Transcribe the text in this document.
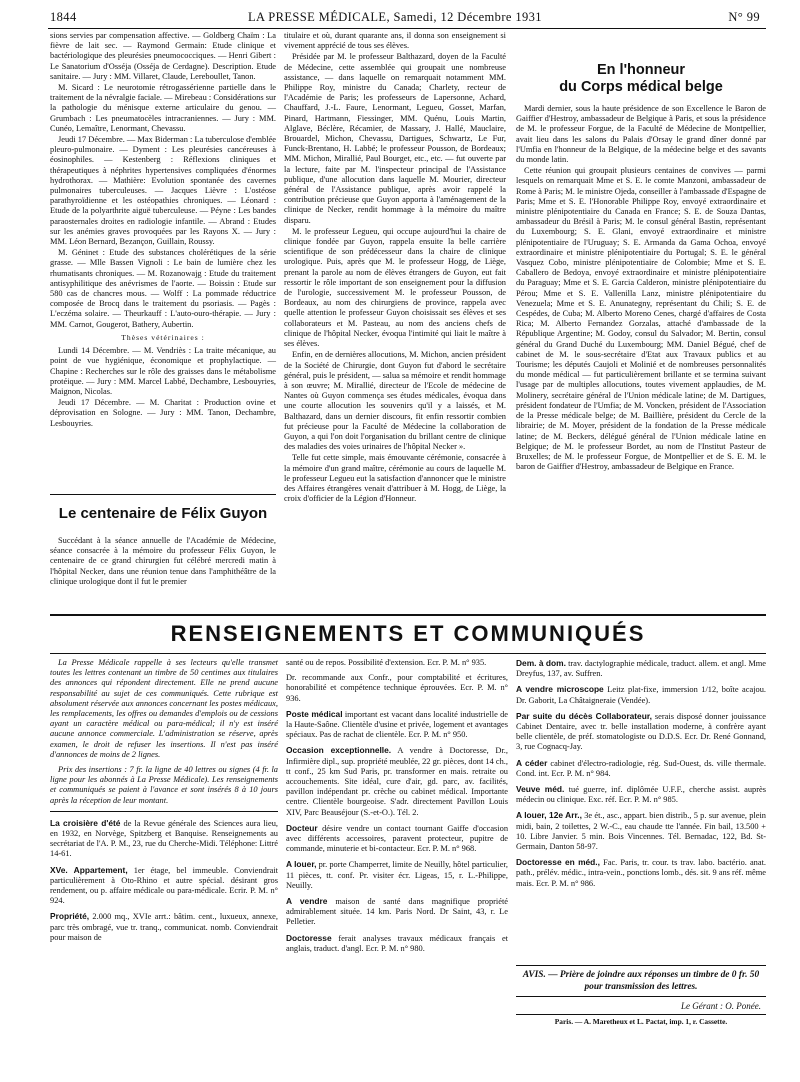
1844	LA PRESSE MÉDICALE, Samedi, 12 Décembre 1931	N° 99

sions servies par compensation affective. — Goldberg Chaïm : La fièvre de lait sec. — Raymond Germain: Etude clinique et bactériologique des pleurésies pneumococciques. — Henri Gibert : Le Sanatorium d'Osséja (Osséja de Cerdagne). Description. Etude sanitaire. — Jury : MM. Villaret, Claude, Lereboullet, Tanon.

M. Sicard : Le neurotomie rétrogassérienne partielle dans le traitement de la névralgie faciale. — Mirebeau : Considérations sur la pathologie du ménisque externe articulaire du genou. — Grumbach : Les pneumatocèles intracraniennes. — Jury : MM. Cunéo, Lemaître, Lenormant, Chevassu.

Jeudi 17 Décembre. — Max Biderman : La tuberculose d'emblée pleuro-pulmonaire. — Dyment : Les pleurésies cancéreuses à éosinophiles. — Kestenberg : Réflexions cliniques et thérapeutiques à néphrites hypertensives compliquées d'énormes hydrothorax. — Mathière: Evolution spontanée des cavernes pulmonaires tuberculeuses. — Jacques Lièvre : L'ostéose parathyroïdienne et les ostéopathies chroniques. — Léonard : Etude de la polyarthrite aiguë tuberculeuse. — Péyne : Les bandes paraosternales droites en radiologie infantile. — Abrand : Etudes sur les anémies graves provoquées par les Rayons X. — Jury : MM. Léon Bernard, Bezançon, Guillain, Roussy.

M. Géninet : Etude des substances cholérétiques de la série grasse. — Mlle Bassen Vignoli : Le bain de lumière chez les rhumatisants chroniques. — M. Rozanowajg : Etude du traitement antisyphilitique des anévrismes de l'aorte. — Boissin : Etude sur 580 cas de chancres mous. — Wolff : La pommade réductrice composée de Brocq dans le traitement du psoriasis. — Pagès : L'eczéma solaire. — Theurkauff : L'auto-ouro-thérapie. — Jury : MM. Carnot, Gougerot, Bathery, Aubertin.

Thèses vétérinaires :

Lundi 14 Décembre. — M. Vendriès : La traite mécanique, au point de vue hygiénique, économique et prophylactique. — Chapine : Recherches sur le rôle des graisses dans le métabolisme protéique. — Jury : MM. Marcel Labbé, Dechambre, Lesbouyries, Maignon, Nicolas.

Jeudi 17 Décembre. — M. Charitat : Production ovine et déprovisation en Sologne. — Jury : MM. Tanon, Dechambre, Lesbouyries.

Le centenaire de Félix Guyon

Succédant à la séance annuelle de l'Académie de Médecine, séance consacrée à la mémoire du professeur Félix Guyon, le centenaire de ce grand chirurgien fut célébré mercredi matin à l'hôpital Necker, dans une réunion tenue dans l'amphithéâtre de la clinique urologique dont il fut le premier

titulaire et où, durant quarante ans, il donna son enseignement si vivement apprécié de tous ses élèves.

Présidée par M. le professeur Balthazard, doyen de la Faculté de Médecine, cette assemblée qui groupait une nombreuse assistance, — dans laquelle on remarquait notamment MM. Philippe Roy, ministre du Canada; Charlety, recteur de l'Académie de Paris; les professeurs de Lapersonne, Achard, Chauffard, J.-L. Faure, Lenormant, Legueu, Gosset, Marfan, Pinard, Hartmann, Fiessinger, MM. Quénu, Louis Martin, Alglave, Béclère, Récamier, de Massary, J. Hallé, Mauclaire, Brouardel, Michon, Chevassu, Dartigues, Schwartz, Le Fur, Funck-Brentano, H. Labbé; le professeur Pousson, de Bordeaux; MM. Michon, Mirallié, Paul Bourget, etc., etc. — fut ouverte par la lecture, faite par M. l'inspecteur principal de l'Assistance publique, d'une allocution dans laquelle M. Mourier, directeur général de l'Assistance publique, après avoir rappelé la contribution précieuse que Guyon apporta à l'aménagement de la clinique de Necker, rendit hommage à la mémoire du maître disparu.

M. le professeur Legueu, qui occupe aujourd'hui la chaire de clinique fondée par Guyon, rappela ensuite la belle carrière scientifique de son prédécesseur dans la chaire de clinique urologique. Puis, après que M. le professeur Hogg, de Liège, prenant la parole au nom de élèves étrangers de Guyon, eut fait ressortir le rôle important de son enseignement pour la diffusion de l'urologie, successivement M. le professeur Pousson, de Bordeaux, au nom des chirurgiens de province, rappela avec quelle attention le professeur Guyon choisissait ses élèves et ses collaborateurs et M. Pasteau, au nom des anciens chefs de clinique de l'hôpital Necker, évoqua l'intimité qui liait le maître à ses élèves.

Enfin, en de dernières allocutions, M. Michon, ancien président de la Société de Chirurgie, dont Guyon fut d'abord le secrétaire général, puis le président, — salua sa mémoire et rendit hommage à son œuvre; M. Mirallié, directeur de l'Ecole de médecine de Nantes où Guyon commença ses études médicales, évoqua dans une courte allocution les souvenirs qu'il y a laissés, et M. Balthazard, dans un dernier discours, fit enfin ressortir combien fut précieuse pour la Faculté de Médecine la collaboration de Guyon, a qui l'on doit l'organisation du brillant centre de clinique des maladies des voies urinaires de l'hôpital Necker ».

Telle fut cette simple, mais émouvante cérémonie, consacrée à la mémoire d'un grand maître, cérémonie au cours de laquelle M. le professeur Legueu eut la satisfaction d'annoncer que le ministre des Affaires étrangères venait d'attribuer à M. Hogg, de Liège, la croix d'officier de la Légion d'Honneur.

En l'honneur
du Corps médical belge

Mardi dernier, sous la haute présidence de son Excellence le Baron de Gaiffier d'Hestroy, ambassadeur de Belgique à Paris, et sous la présidence de M. le professeur Forgue, de la Faculté de Médecine de Montpellier, avait lieu dans les salons du Palais d'Orsay le grand dîner donné par l'Umfia en l'honneur de la Belgique, de la médecine belge et des savants du monde latin.

Cette réunion qui groupait plusieurs centaines de convives — parmi lesquels on remarquait Mme et S. E. le comte Manzoni, ambassadeur de Rome à Paris; M. le ministre Ojeda, conseiller à l'ambassade d'Espagne de Paris; Mme et S. E. l'Honorable Philippe Roy, envoyé extraordinaire et ministre plénipotentiaire du Canada en France; S. E. de Souza Dantas, ambassadeur du Brésil à Paris; M. le consul général Bastin, représentant du Luxembourg; S. E. Glani, envoyé extraordinaire et ministre plénipotentiaire de l'Uruguay; S. E. Armanda da Gama Ochoa, envoyé extraordinaire et ministre plénipotentiaire du Portugal; S. E. le général Vasquez Cobo, ministre plénipotentiaire de Colombie; Mme et S. E. Caballero de Bedoya, envoyé extraordinaire et ministre plénipotentiaire du Paraguay; Mme et S. E. Garcia Calderon, ministre plénipotentiaire du Pérou; Mme et S. E. Vallenilla Lanz, ministre plénipotentiaire du Venezuela; Mme et S. E. Anunategny, représentant du Chili; S. E. de Cespédes, de Cuba; M. Alberto Moreno Cenes, chargé d'affaires de Costa Rica; M. Alberto Fernandez Gorzalas, attaché d'ambassade de la République Argentine; M. Godoy, consul du Salvador; M. Bertin, consul général du Grand Duché du Luxembourg; MM. Daniel Bégué, chef de cabinet de M. le sous-secrétaire d'Etat aux Travaux publics et au Tourisme; les députés Caujoli et Molinié et de nombreuses personnalités du monde médical — fut particulièrement brillante et se termina suivant l'usage par de multiples allocutions, toutes vivement applaudies, de M. Molinery, secrétaire général de l'Union médicale latine; de M. Dartigues, président fondateur de l'Umfia; de M. Voncken, président de l'Association de la Presse médicale belge; de M. Baillière, président du Cercle de la librairie; de M. Moyer, président de la fondation de la Presse médicale latine; de M. Beckers, délégué général de l'Union médicale latine en Belgique; de M. le professeur Bordet, au nom de l'Institut Pasteur de Bruxelles; de M. le professeur Forgue, de Montpellier et de S. E. M. le baron de Gaiffier d'Hestroy, ambassadeur de Belgique en France.

RENSEIGNEMENTS ET COMMUNIQUÉS

La Presse Médicale rappelle à ses lecteurs qu'elle transmet toutes les lettres contenant un timbre de 50 centimes aux titulaires des annonces qui répondent directement. Elle ne prend aucune responsabilité au sujet de ces communiqués. Cette rubrique est absolument réservée aux annonces concernant les postes médicaux, les remplacements, les offres ou demandes d'emplois ou de cessions ayant un caractère médical ou para-médical; il n'y est inséré aucune annonce commerciale. L'administration se réserve, après examen, le droit de refuser les insertions. Il n'est pas inséré d'annonces de moins de 2 lignes.

Prix des insertions : 7 fr. la ligne de 40 lettres ou signes (4 fr. la ligne pour les abonnés à La Presse Médicale). Les renseignements et communiqués se paient à l'avance et sont insérés 8 à 10 jours après la réception de leur montant.

La croisière d'été de la Revue générale des Sciences aura lieu, en 1932, en Norvège, Spitzberg et Banquise. Renseignements au secrétariat de l'A. P. M., 23, rue du Cherche-Midi. Téléphone: Littré 14-61.

XVe. Appartement, 1er étage, bel immeuble. Conviendrait particulièrement à Oto-Rhino et autre spécial. désirant gros rendement, ou p. affaire médicale ou para-médicale. Ecrir. P. M. n° 924.

Propriété, 2.000 mq., XVIe arrt.: bâtim. cent., luxueux, annexe, parc très ombragé, vue tr. tranq., communicat. nomb. Conviendrait pour maison de

santé ou de repos. Possibilité d'extension. Ecr. P. M. n° 935.

Dr. recommande aux Confr., pour comptabilité et écritures, honorabilité et compétence technique éprouvées. Ecr. P. M. n° 936.

Poste médical important est vacant dans localité industrielle de la Haute-Saône. Clientèle d'usine et privée, logement et avantages spéciaux. Pas de rachat de clientèle. Ecr. P. M. n° 950.

Occasion exceptionnelle. A vendre à Doctoresse, Dr., Infirmière dipl., sup. propriété meublée, 22 gr. pièces, dont 14 ch., tt conf., 25 km Sud Paris, pr. transformer en mais. retraite ou accouchements. Site idéal, cure d'air, gd. parc, av. facilités, pavillon indépendant pr. crèche ou cabinet médical. Importante centre. Clientèle bourgeoise. S'adr. directement Pavillon Louis XIV, Parc Beauséjour (S.-et-O.). Tél. 2.

Docteur désire vendre un contact tournant Gaiffe d'occasion avec différents accessoires, paravent protecteur, pupitre de commande, minuterie et bi-contacteur. Ecr. P. M. n° 968.

A louer, pr. porte Champerret, limite de Neuilly, hôtel particulier, 11 pièces, tt. conf. Pr. visiter écr. Ligeas, 15, r. L.-Philippe, Neuilly.

A vendre maison de santé dans magnifique propriété admirablement située. 14 km. Paris Nord. Dr Saint, 43, r. Le Pelletier.

Doctoresse ferait analyses travaux médicaux français et anglais, traduct. d'angl. Ecr. P. M. n° 980.

Dem. à dom. trav. dactylographie médicale, traduct. allem. et angl. Mme Dreyfus, 137, av. Suffren.

A vendre microscope Leitz plat-fixe, immersion 1/12, boîte acajou. Dr. Gaborit, La Châtaigneraie (Vendée).

Par suite du décès Collaborateur, serais disposé donner jouissance Cabinet Dentaire, avec tr. belle installation moderne, à confrère ayant belle clientèle, de préf. stomatologiste ou D.D.S. Ecr. Dr. René Gonnand, 3, rue Cognacq-Jay.

A céder cabinet d'électro-radiologie, rég. Sud-Ouest, ds. ville thermale. Cond. int. Ecr. P. M. n° 984.

Veuve méd. tué guerre, inf. diplômée U.F.F., cherche assist. auprès médecin ou clinique. Exc. réf. Ecr. P. M. n° 985.

A louer, 12e Arr., 3e ét., asc., appart. bien distrib., 5 p. sur avenue, plein midi, bain, 2 toilettes, 2 W.-C., eau chaude tte l'année. Fin bail, 13.500 + 10. Libre Janvier. 5 min. Bois Vincennes. Tél. Bernadac, 122, Bd. St-Germain, Danton 58-97.

Doctoresse en méd., Fac. Paris, tr. cour. ts trav. labo. bactério. anat. path., prélév. médic., intra-vein., ponctions lomb., dés. sit. 9 ans réf. même mais. Ecr. P. M. n° 986.

AVIS. — Prière de joindre aux réponses un timbre de 0 fr. 50 pour transmission des lettres.
Le Gérant : O. Ponée.
Paris. — A. Maretheux et L. Pactat, imp. 1, r. Cassette.
